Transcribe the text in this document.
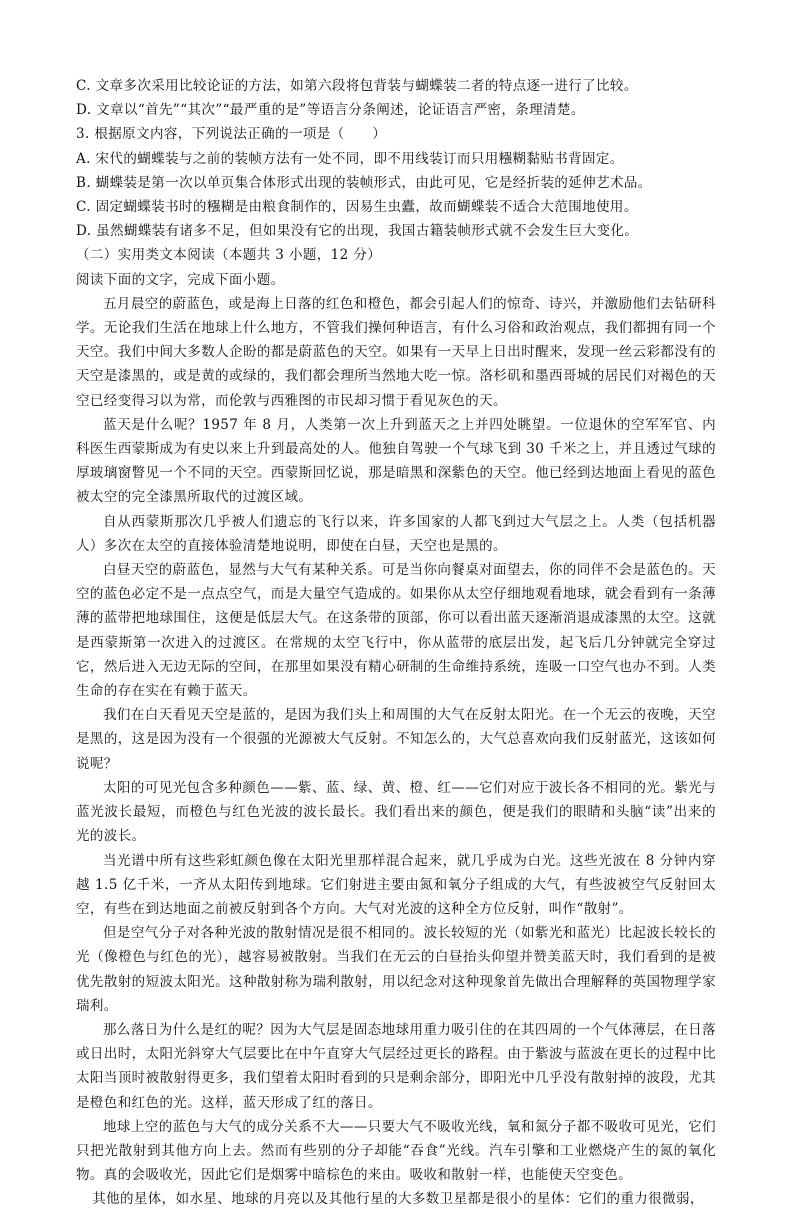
C. 文章多次采用比较论证的方法，如第六段将包背装与蝴蝶装二者的特点逐一进行了比较。
D. 文章以“首先”“其次”“最严重的是”等语言分条阐述，论证语言严密，条理清楚。
3. 根据原文内容，下列说法正确的一项是（　　）
A. 宋代的蝴蝶装与之前的装帧方法有一处不同，即不用线装订而只用糨糊黏贴书背固定。
B. 蝴蝶装是第一次以单页集合体形式出现的装帧形式，由此可见，它是经折装的延伸艺术品。
C. 固定蝴蝶装书时的糨糊是由粮食制作的，因易生虫蠹，故而蝴蝶装不适合大范围地使用。
D. 虽然蝴蝶装有诸多不足，但如果没有它的出现，我国古籍装帧形式就不会发生巨大变化。
（二）实用类文本阅读（本题共 3 小题，12 分）
阅读下面的文字，完成下面小题。
五月晨空的蔚蓝色，或是海上日落的红色和橙色，都会引起人们的惊奇、诗兴，并激励他们去钻研科学。无论我们生活在地球上什么地方，不管我们操何种语言，有什么习俗和政治观点，我们都拥有同一个天空。我们中间大多数人企盼的都是蔚蓝色的天空。如果有一天早上日出时醒来，发现一丝云彩都没有的天空是漆黑的，或是黄的或绿的，我们都会理所当然地大吃一惊。洛杉矶和墨西哥城的居民们对褐色的天空已经变得习以为常，而伦敦与西雅图的市民却习惯于看见灰色的天。
蓝天是什么呢？1957 年 8 月，人类第一次上升到蓝天之上并四处眺望。一位退休的空军军官、内科医生西蒙斯成为有史以来上升到最高处的人。他独自驾驶一个气球飞到 30 千米之上，并且透过气球的厚玻璃窗瞥见一个不同的天空。西蒙斯回忆说，那是暗黑和深紫色的天空。他已经到达地面上看见的蓝色被太空的完全漆黑所取代的过渡区域。
自从西蒙斯那次几乎被人们遗忘的飞行以来，许多国家的人都飞到过大气层之上。人类（包括机器人）多次在太空的直接体验清楚地说明，即使在白昼，天空也是黑的。
白昼天空的蔚蓝色，显然与大气有某种关系。可是当你向餐桌对面望去，你的同伴不会是蓝色的。天空的蓝色必定不是一点点空气，而是大量空气造成的。如果你从太空仔细地观看地球，就会看到有一条薄薄的蓝带把地球围住，这便是低层大气。在这条带的顶部，你可以看出蓝天逐渐消退成漆黑的太空。这就是西蒙斯第一次进入的过渡区。在常规的太空飞行中，你从蓝带的底层出发，起飞后几分钟就完全穿过它，然后进入无边无际的空间，在那里如果没有精心研制的生命维持系统，连吸一口空气也办不到。人类生命的存在实在有赖于蓝天。
我们在白天看见天空是蓝的，是因为我们头上和周围的大气在反射太阳光。在一个无云的夜晚，天空是黑的，这是因为没有一个很强的光源被大气反射。不知怎么的，大气总喜欢向我们反射蓝光，这该如何说呢？
太阳的可见光包含多种颜色——紫、蓝、绿、黄、橙、红——它们对应于波长各不相同的光。紫光与蓝光波长最短，而橙色与红色光波的波长最长。我们看出来的颜色，便是我们的眼睛和头脑“读”出来的光的波长。
当光谱中所有这些彩虹颜色像在太阳光里那样混合起来，就几乎成为白光。这些光波在 8 分钟内穿越 1.5 亿千米，一齐从太阳传到地球。它们射进主要由氮和氧分子组成的大气，有些波被空气反射回太空，有些在到达地面之前被反射到各个方向。大气对光波的这种全方位反射，叫作“散射”。
但是空气分子对各种光波的散射情况是很不相同的。波长较短的光（如紫光和蓝光）比起波长较长的光（像橙色与红色的光），越容易被散射。当我们在无云的白昼抬头仰望并赞美蓝天时，我们看到的是被优先散射的短波太阳光。这种散射称为瑞利散射，用以纪念对这种现象首先做出合理解释的英国物理学家瑞利。
那么落日为什么是红的呢？因为大气层是固态地球用重力吸引住的在其四周的一个气体薄层，在日落或日出时，太阳光斜穿大气层要比在中午直穿大气层经过更长的路程。由于紫波与蓝波在更长的过程中比太阳当顶时被散射得更多，我们望着太阳时看到的只是剩余部分，即阳光中几乎没有散射掉的波段，尤其是橙色和红色的光。这样，蓝天形成了红的落日。
地球上空的蓝色与大气的成分关系不大——只要大气不吸收光线，氧和氮分子都不吸收可见光，它们只把光散射到其他方向上去。然而有些别的分子却能“吞食”光线。汽车引擎和工业燃烧产生的氮的氧化物。真的会吸收光，因此它们是烟雾中暗棕色的来由。吸收和散射一样，也能使天空变色。
其他的星体，如水星、地球的月亮以及其他行星的大多数卫星都是很小的星体：它们的重力很微弱，
